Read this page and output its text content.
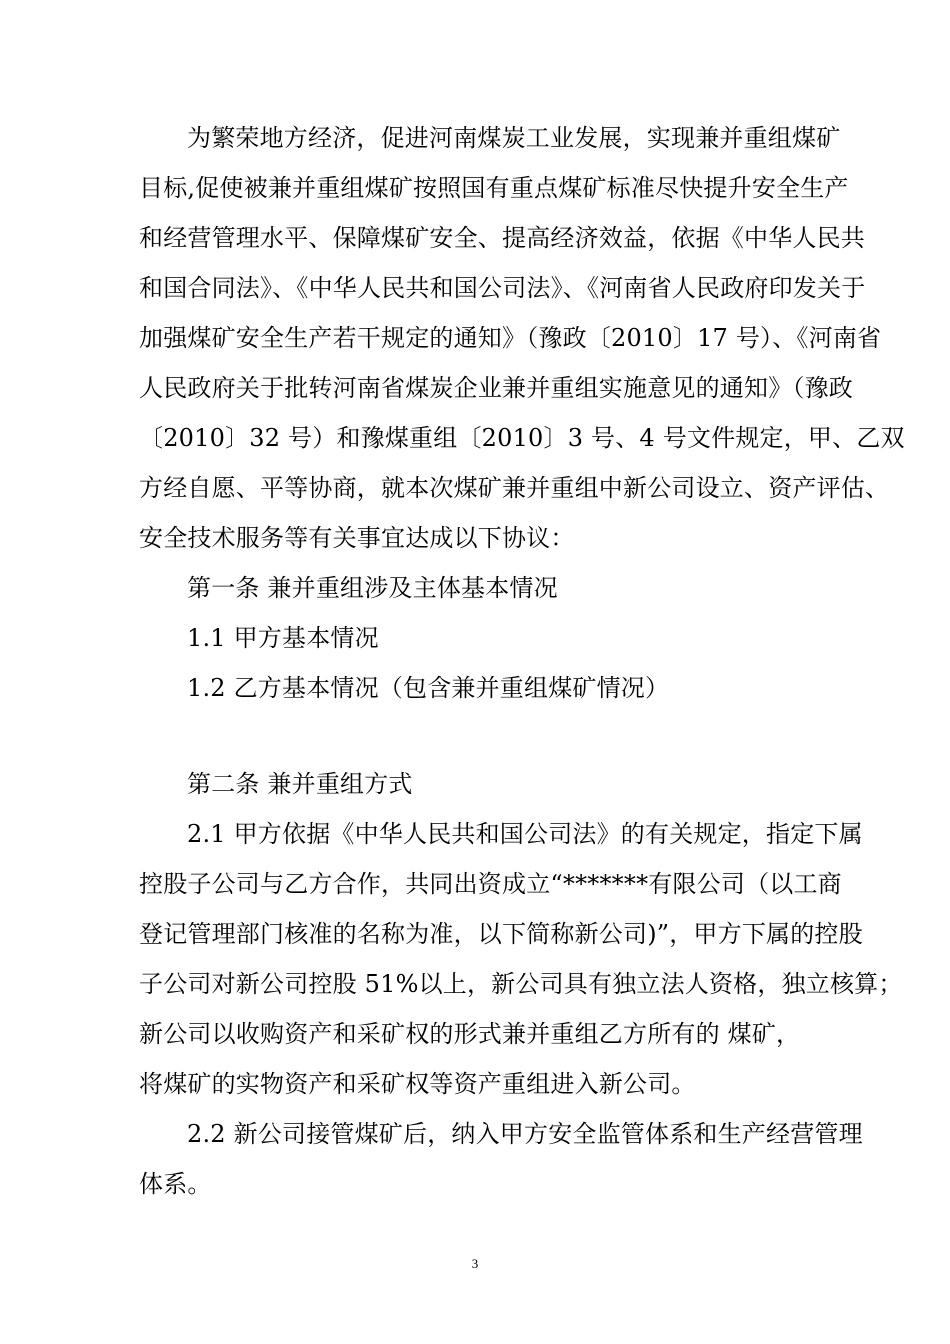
为繁荣地方经济，促进河南煤炭工业发展，实现兼并重组煤矿
目标,促使被兼并重组煤矿按照国有重点煤矿标准尽快提升安全生产
和经营管理水平、保障煤矿安全、提高经济效益，依据《中华人民共
和国合同法》、《中华人民共和国公司法》、《河南省人民政府印发关于
加强煤矿安全生产若干规定的通知》（豫政〔2010〕17 号）、《河南省
人民政府关于批转河南省煤炭企业兼并重组实施意见的通知》（豫政
〔2010〕32 号）和豫煤重组〔2010〕3 号、4 号文件规定，甲、乙双
方经自愿、平等协商，就本次煤矿兼并重组中新公司设立、资产评估、
安全技术服务等有关事宜达成以下协议：
第一条 兼并重组涉及主体基本情况
1.1 甲方基本情况
1.2 乙方基本情况（包含兼并重组煤矿情况）
第二条 兼并重组方式
2.1 甲方依据《中华人民共和国公司法》的有关规定，指定下属
控股子公司与乙方合作，共同出资成立“*******有限公司（以工商
登记管理部门核准的名称为准，以下简称新公司)”，甲方下属的控股
子公司对新公司控股 51%以上，新公司具有独立法人资格，独立核算；
新公司以收购资产和采矿权的形式兼并重组乙方所有的 煤矿，
将煤矿的实物资产和采矿权等资产重组进入新公司。
2.2 新公司接管煤矿后，纳入甲方安全监管体系和生产经营管理
体系。
3
